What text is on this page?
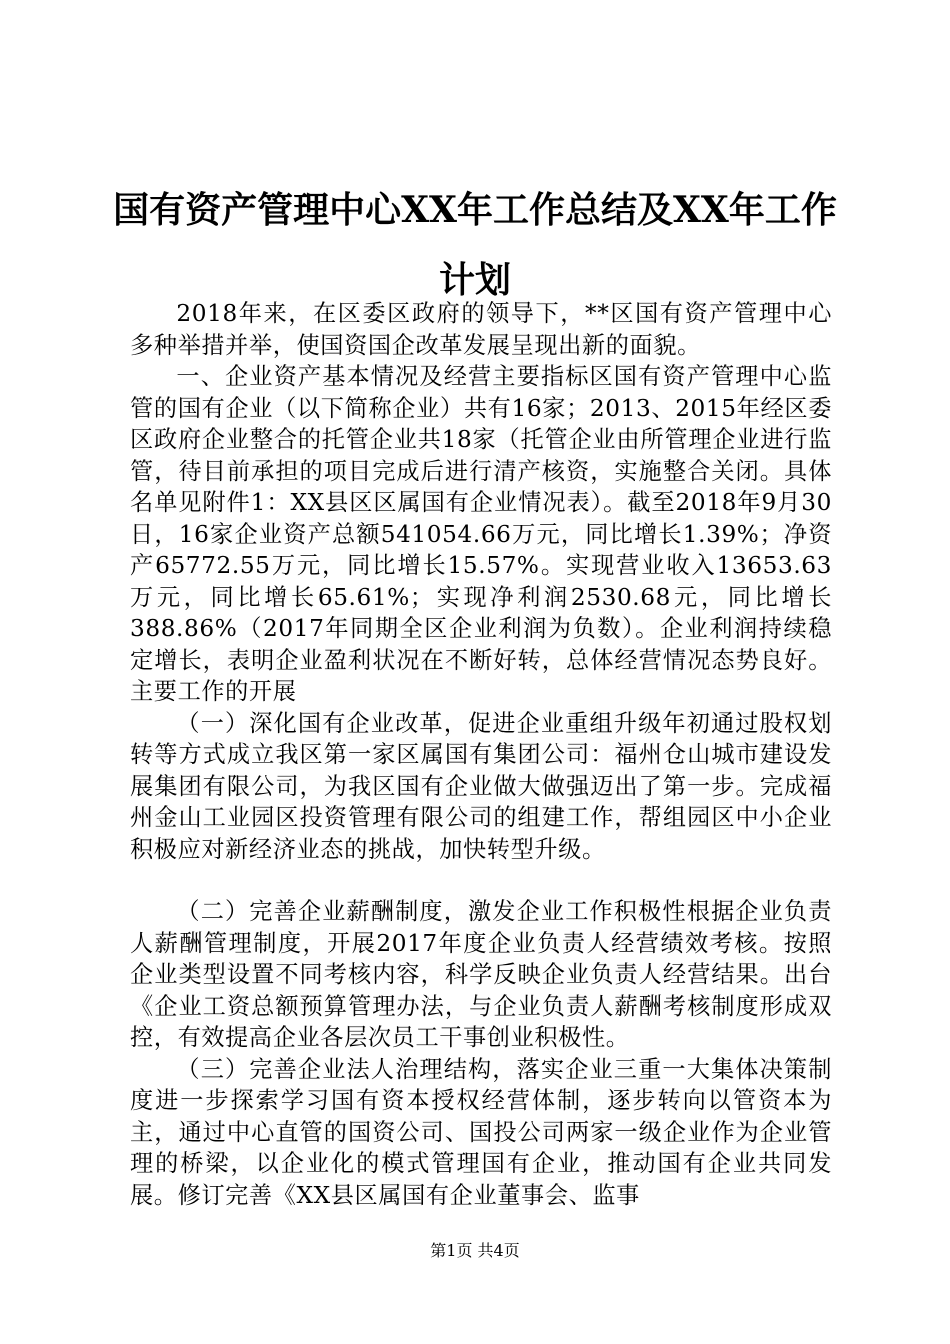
国有资产管理中心XX年工作总结及XX年工作
计划

2018年来，在区委区政府的领导下，**区国有资产管理中心多种举措并举，使国资国企改革发展呈现出新的面貌。

一、企业资产基本情况及经营主要指标区国有资产管理中心监管的国有企业（以下简称企业）共有16家；2013、2015年经区委区政府企业整合的托管企业共18家（托管企业由所管理企业进行监管，待目前承担的项目完成后进行清产核资，实施整合关闭。具体名单见附件1：XX县区区属国有企业情况表）。截至2018年9月30日，16家企业资产总额541054.66万元，同比增长1.39%；净资产65772.55万元，同比增长15.57%。实现营业收入13653.63万元，同比增长65.61%；实现净利润2530.68元，同比增长388.86%（2017年同期全区企业利润为负数）。企业利润持续稳定增长，表明企业盈利状况在不断好转，总体经营情况态势良好。主要工作的开展

（一）深化国有企业改革，促进企业重组升级年初通过股权划转等方式成立我区第一家区属国有集团公司：福州仓山城市建设发展集团有限公司，为我区国有企业做大做强迈出了第一步。完成福州金山工业园区投资管理有限公司的组建工作，帮组园区中小企业积极应对新经济业态的挑战，加快转型升级。

（二）完善企业薪酬制度，激发企业工作积极性根据企业负责人薪酬管理制度，开展2017年度企业负责人经营绩效考核。按照企业类型设置不同考核内容，科学反映企业负责人经营结果。出台《企业工资总额预算管理办法，与企业负责人薪酬考核制度形成双控，有效提高企业各层次员工干事创业积极性。

（三）完善企业法人治理结构，落实企业三重一大集体决策制度进一步探索学习国有资本授权经营体制，逐步转向以管资本为主，通过中心直管的国资公司、国投公司两家一级企业作为企业管理的桥梁，以企业化的模式管理国有企业，推动国有企业共同发展。修订完善《XX县区属国有企业董事会、监事

第1页 共4页
